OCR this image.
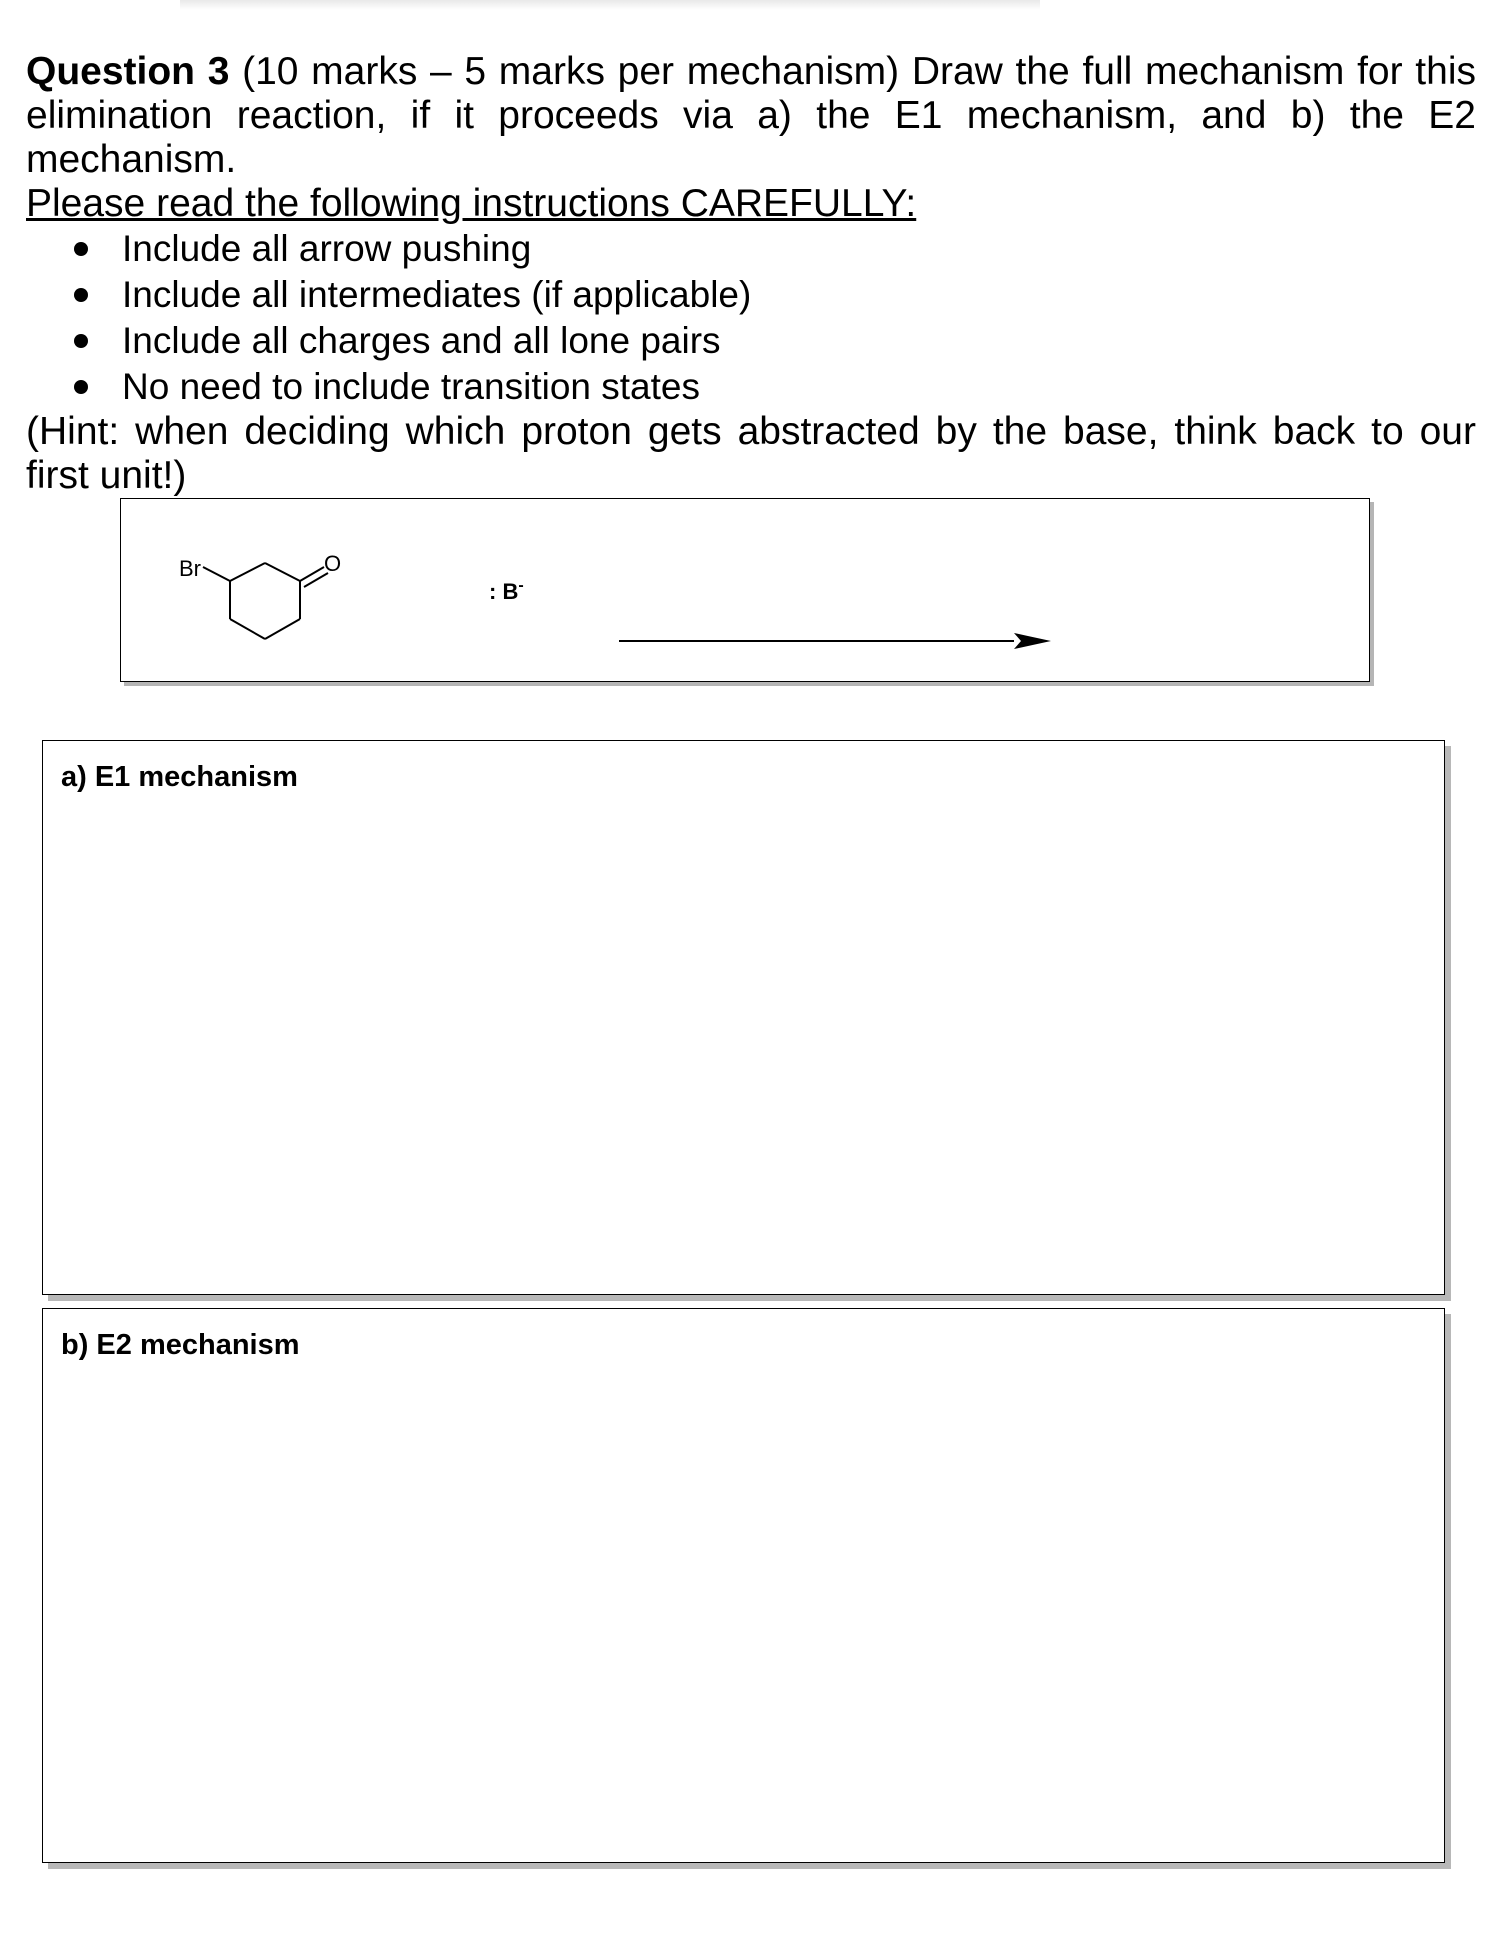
Question 3 (10 marks – 5 marks per mechanism) Draw the full mechanism for this elimination reaction, if it proceeds via a) the E1 mechanism, and b) the E2 mechanism.

Please read the following instructions CAREFULLY:

Include all arrow pushing
Include all intermediates (if applicable)
Include all charges and all lone pairs
No need to include transition states

(Hint: when deciding which proton gets abstracted by the base, think back to our first unit!)

Br	O
: B-
a) E1 mechanism
b) E2 mechanism
